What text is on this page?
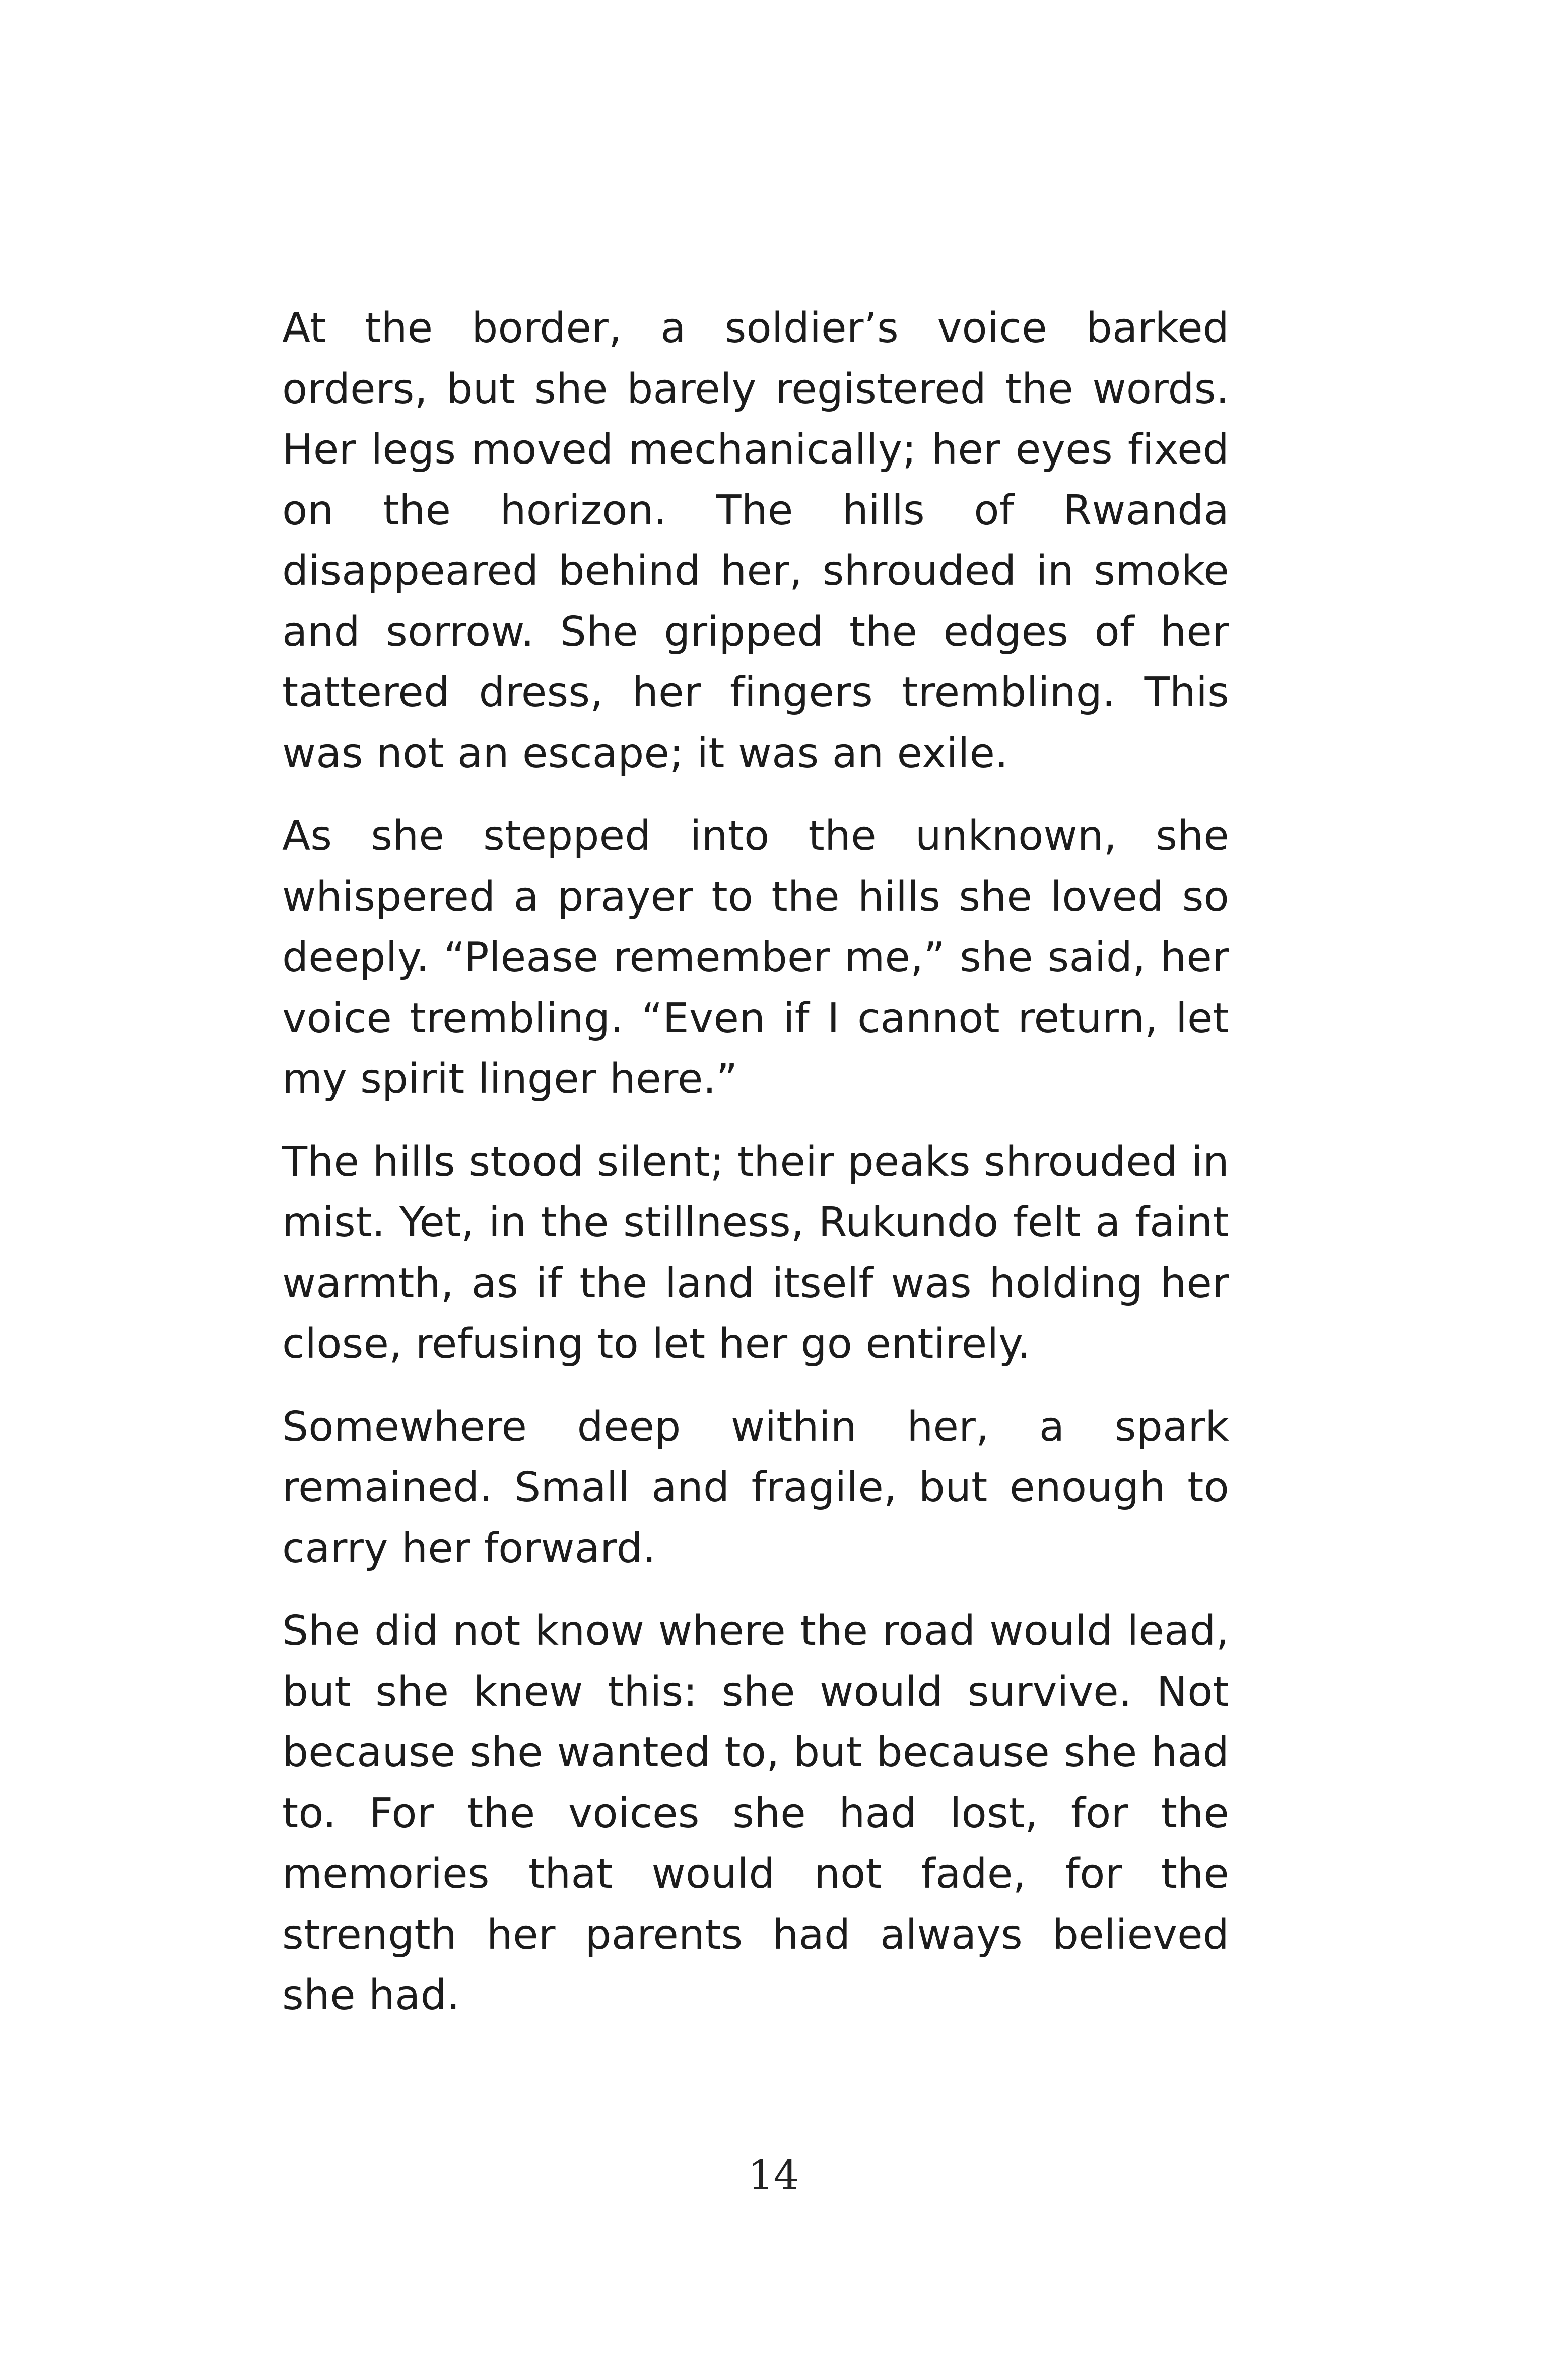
At the border, a soldier’s voice barked orders, but she barely registered the words. Her legs moved mechanically; her eyes fixed on the horizon. The hills of Rwanda disappeared behind her, shrouded in smoke and sorrow. She gripped the edges of her tattered dress, her fingers trembling. This was not an escape; it was an exile.

As she stepped into the unknown, she whispered a prayer to the hills she loved so deeply. “Please remember me,” she said, her voice trembling. “Even if I cannot return, let my spirit linger here.”

The hills stood silent; their peaks shrouded in mist. Yet, in the stillness, Rukundo felt a faint warmth, as if the land itself was holding her close, refusing to let her go entirely.

Somewhere deep within her, a spark remained. Small and fragile, but enough to carry her forward.

She did not know where the road would lead, but she knew this: she would survive. Not because she wanted to, but because she had to. For the voices she had lost, for the memories that would not fade, for the strength her parents had always believed she had.

14
